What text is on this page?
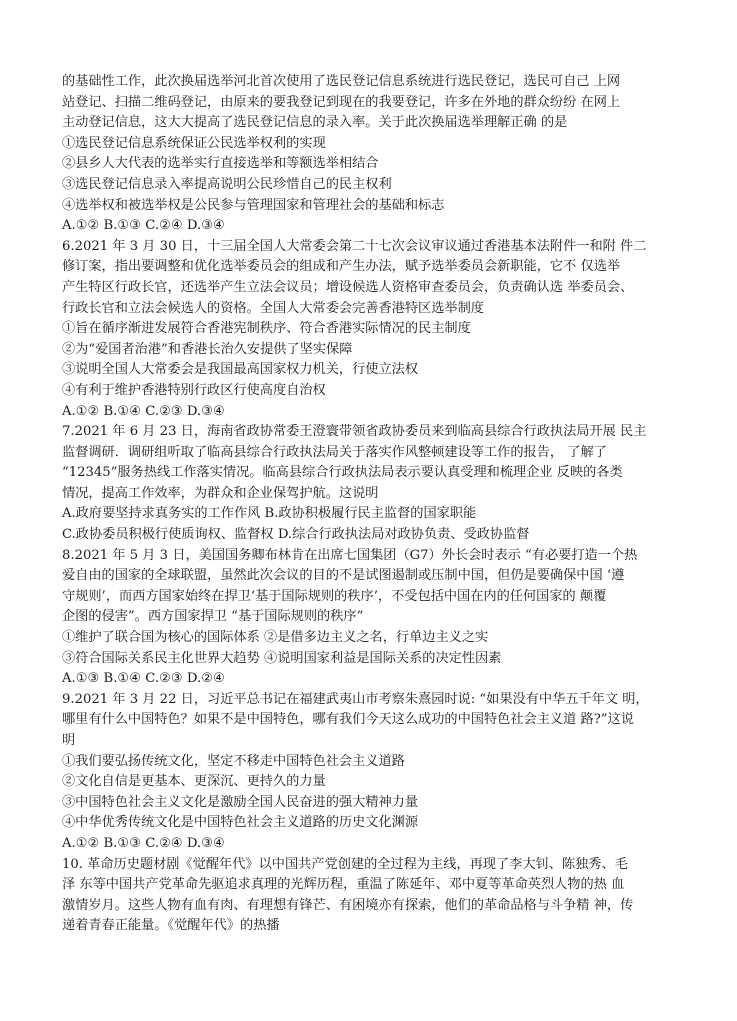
的基础性工作，此次换届选举河北首次使用了选民登记信息系统进行选民登记，选民可自己 上网
站登记、扫描二维码登记，由原来的要我登记到现在的我要登记，许多在外地的群众纷纷 在网上
主动登记信息，这大大提高了选民登记信息的录入率。关于此次换届选举理解正确 的是
①选民登记信息系统保证公民选举权利的实现
②县乡人大代表的选举实行直接选举和等额选举相结合
③选民登记信息录入率提高说明公民珍惜自己的民主权利
④选举权和被选举权是公民参与管理国家和管理社会的基础和标志
A.①② B.①③ C.②④ D.③④
6.2021 年 3 月 30 日，十三届全国人大常委会第二十七次会议审议通过香港基本法附件一和附 件二
修订案，指出要调整和优化选举委员会的组成和产生办法，赋予选举委员会新职能，它不 仅选举
产生特区行政长官，还选举产生立法会议员；增设候选人资格审查委员会，负责确认选 举委员会、
行政长官和立法会候选人的资格。全国人大常委会完善香港特区选举制度
①旨在循序渐进发展符合香港宪制秩序、符合香港实际情况的民主制度
②为“爱国者治港”和香港长治久安提供了坚实保障
③说明全国人大常委会是我国最高国家权力机关，行使立法权
④有利于维护香港特别行政区行使高度自治权
A.①② B.①④ C.②③ D.③④
7.2021 年 6 月 23 日，海南省政协常委王澄寰带领省政协委员来到临高县综合行政执法局开展 民主
监督调研．调研组听取了临高县综合行政执法局关于落实作风整顿建设等工作的报告， 了解了
“12345”服务热线工作落实情况。临高县综合行政执法局表示要认真受理和梳理企业 反映的各类
情况，提高工作效率，为群众和企业保驾护航。这说明
A.政府要坚持求真务实的工作作风 B.政协积极履行民主监督的国家职能
C.政协委员积极行使质询权、监督权 D.综合行政执法局对政协负责、受政协监督
8.2021 年 5 月 3 日，美国国务卿布林肯在出席七国集团（G7）外长会时表示 “有必要打造一个热
爱自由的国家的全球联盟，虽然此次会议的目的不是试图遏制或压制中国，但仍是要确保中国 ‘遵
守规则’，而西方国家始终在捍卫‘基于国际规则的秩序’，不受包括中国在内的任何国家的 颠覆
企图的侵害”。西方国家捍卫 “基于国际规则的秩序”
①维护了联合国为核心的国际体系 ②是借多边主义之名，行单边主义之实
③符合国际关系民主化世界大趋势 ④说明国家利益是国际关系的决定性因素
A.①③ B.①④ C.②③ D.②④
9.2021 年 3 月 22 日，习近平总书记在福建武夷山市考察朱熹园时说: “如果没有中华五千年文 明，
哪里有什么中国特色？如果不是中国特色，哪有我们今天这么成功的中国特色社会主义道 路?”这说
明
①我们要弘扬传统文化，坚定不移走中国特色社会主义道路
②文化自信是更基本、更深沉、更持久的力量
③中国特色社会主义文化是激励全国人民奋进的强大精神力量
④中华优秀传统文化是中国特色社会主义道路的历史文化渊源
A.①② B.①③ C.②④ D.③④
10. 革命历史题材剧《觉醒年代》以中国共产党创建的全过程为主线，再现了李大钊、陈独秀、毛
泽 东等中国共产党革命先驱追求真理的光辉历程，重温了陈延年、邓中夏等革命英烈人物的热 血
激情岁月。这些人物有血有肉、有理想有锋芒、有困境亦有探索，他们的革命品格与斗争精 神，传
递着青春正能量。《觉醒年代》的热播
